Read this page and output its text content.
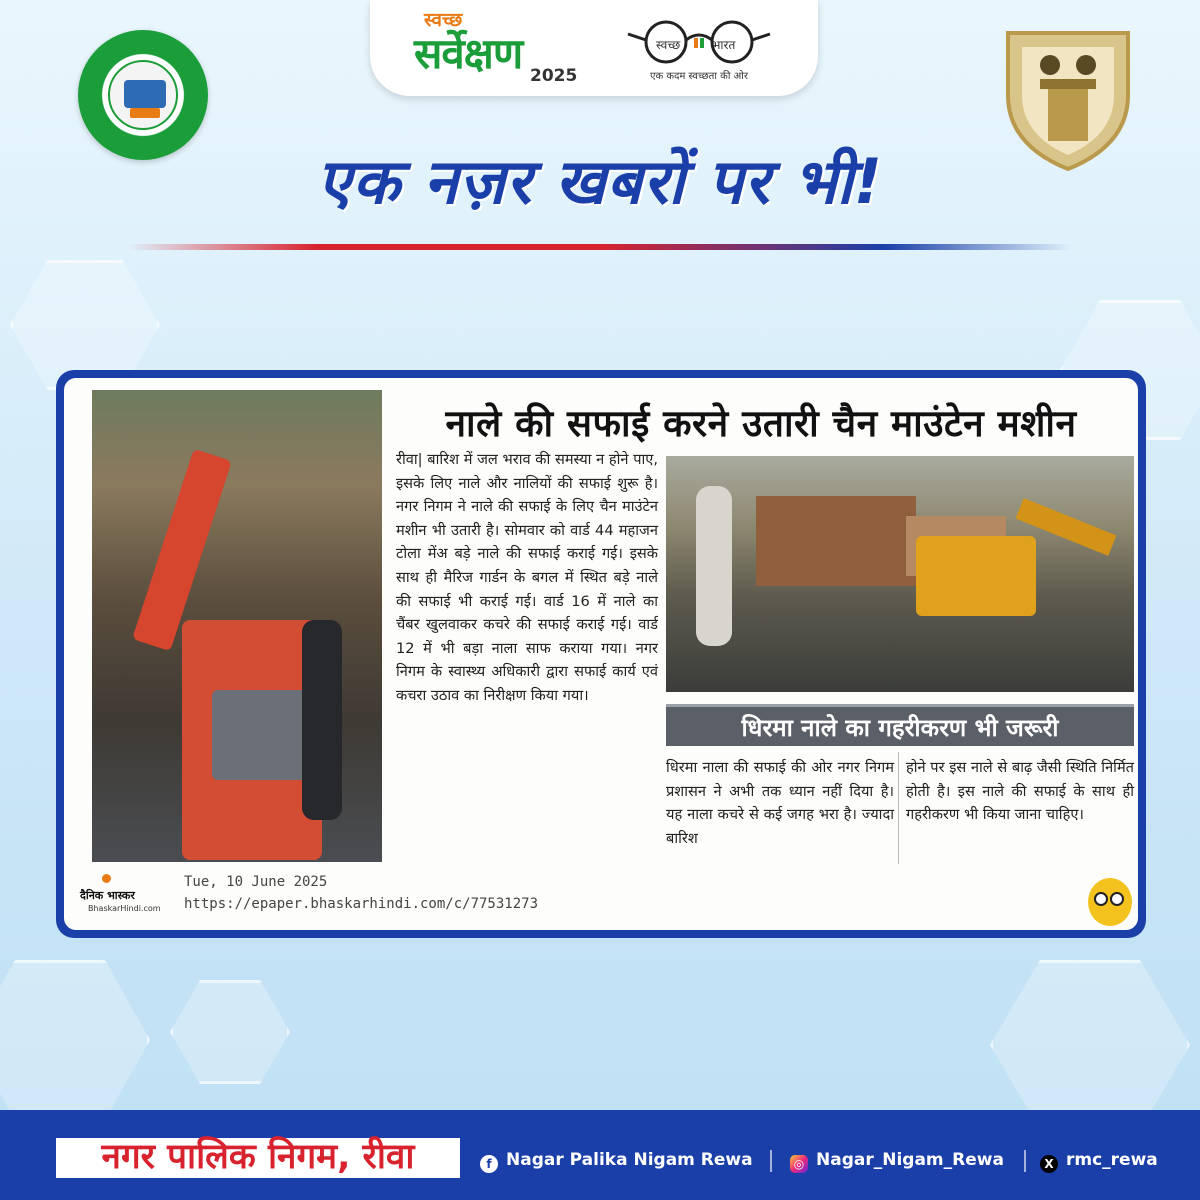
स्वच्छ
सर्वेक्षण 2025
स्वच्छ	भारत
एक कदम स्वच्छता की ओर
एक नज़र खबरों पर भी!
नाले की सफाई करने उतारी चैन माउंटेन मशीन
रीवा| बारिश में जल भराव की समस्या न होने पाए, इसके लिए नाले और नालियों की सफाई शुरू है। नगर निगम ने नाले की सफाई के लिए चैन माउंटेन मशीन भी उतारी है। सोमवार को वार्ड 44 महाजन टोला मेंअ बड़े नाले की सफाई कराई गई। इसके साथ ही मैरिज गार्डन के बगल में स्थित बड़े नाले की सफाई भी कराई गई। वार्ड 16 में नाले का चैंबर खुलवाकर कचरे की सफाई कराई गई। वार्ड 12 में भी बड़ा नाला साफ कराया गया। नगर निगम के स्वास्थ्य अधिकारी द्वारा सफाई कार्य एवं कचरा उठाव का निरीक्षण किया गया।
धिरमा नाले का गहरीकरण भी जरूरी
धिरमा नाला की सफाई की ओर नगर निगम प्रशासन ने अभी तक ध्यान नहीं दिया है। यह नाला कचरे से कई जगह भरा है। ज्यादा बारिश
होने पर इस नाले से बाढ़ जैसी स्थिति निर्मित होती है। इस नाले की सफाई के साथ ही गहरीकरण भी किया जाना चाहिए।
दैनिक भास्कर
BhaskarHindi.com
Tue, 10 June 2025
https://epaper.bhaskarhindi.com/c/77531273
नगर पालिक निगम, रीवा	f Nagar Palika Nigam Rewa	◎ Nagar_Nigam_Rewa	X rmc_rewa
